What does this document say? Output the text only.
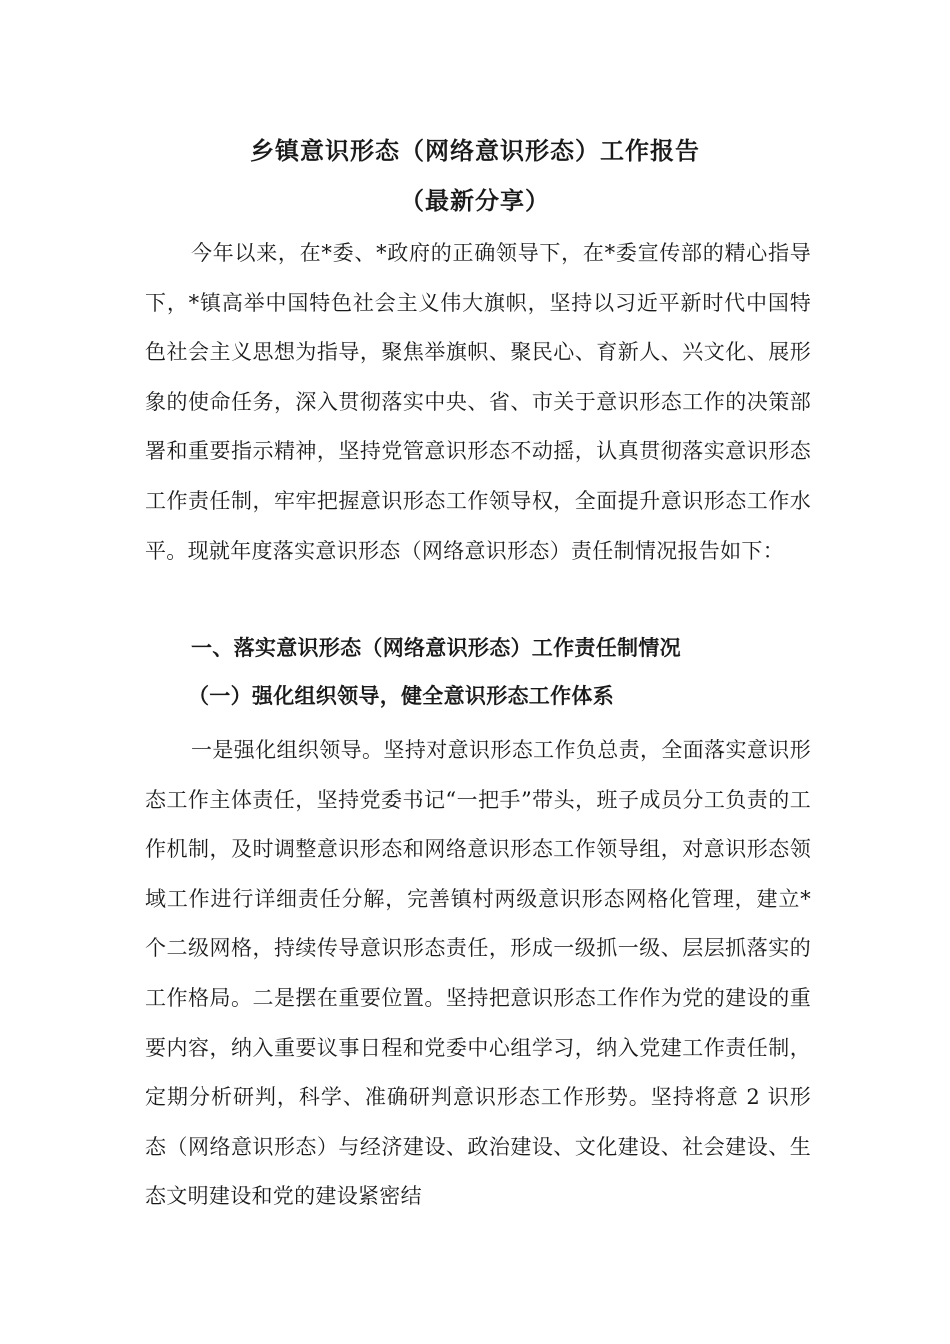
乡镇意识形态（网络意识形态）工作报告
（最新分享）

今年以来，在*委、*政府的正确领导下，在*委宣传部的精心指导下，*镇高举中国特色社会主义伟大旗帜，坚持以习近平新时代中国特色社会主义思想为指导，聚焦举旗帜、聚民心、育新人、兴文化、展形象的使命任务，深入贯彻落实中央、省、市关于意识形态工作的决策部署和重要指示精神，坚持党管意识形态不动摇，认真贯彻落实意识形态工作责任制，牢牢把握意识形态工作领导权，全面提升意识形态工作水平。现就年度落实意识形态（网络意识形态）责任制情况报告如下：

一、落实意识形态（网络意识形态）工作责任制情况

（一）强化组织领导，健全意识形态工作体系

一是强化组织领导。坚持对意识形态工作负总责，全面落实意识形态工作主体责任，坚持党委书记“一把手”带头，班子成员分工负责的工作机制，及时调整意识形态和网络意识形态工作领导组，对意识形态领域工作进行详细责任分解，完善镇村两级意识形态网格化管理，建立*个二级网格，持续传导意识形态责任，形成一级抓一级、层层抓落实的工作格局。二是摆在重要位置。坚持把意识形态工作作为党的建设的重要内容，纳入重要议事日程和党委中心组学习，纳入党建工作责任制，定期分析研判，科学、准确研判意识形态工作形势。坚持将意 2 识形态（网络意识形态）与经济建设、政治建设、文化建设、社会建设、生态文明建设和党的建设紧密结
